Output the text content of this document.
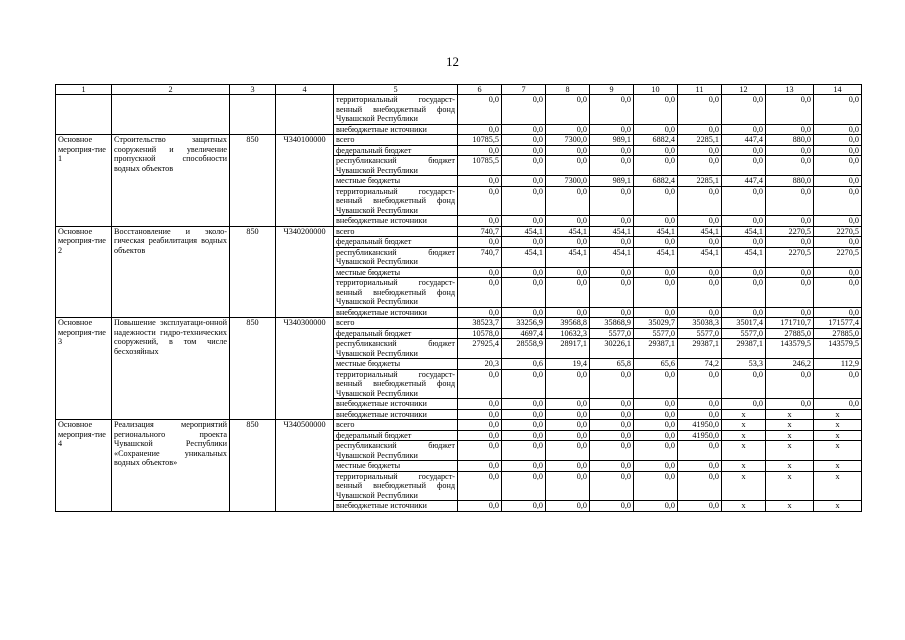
12
1	2	3	4	5	6	7	8	9	10	11	12	13	14
				территориальный государст-венный внебюджетный фонд Чувашской Республики	0,0	0,0	0,0	0,0	0,0	0,0	0,0	0,0	0,0
				внебюджетные источники	0,0	0,0	0,0	0,0	0,0	0,0	0,0	0,0	0,0
Основное мероприя-тие 1	Строительство защитных сооружений и увеличение пропускной способности водных объектов	850	Ч340100000	всего	10785,5	0,0	7300,0	989,1	6882,4	2285,1	447,4	880,0	0,0
				федеральный бюджет	0,0	0,0	0,0	0,0	0,0	0,0	0,0	0,0	0,0
				республиканский бюджет Чувашской Республики	10785,5	0,0	0,0	0,0	0,0	0,0	0,0	0,0	0,0
				местные бюджеты	0,0	0,0	7300,0	989,1	6882,4	2285,1	447,4	880,0	0,0
				территориальный государст-венный внебюджетный фонд Чувашской Республики	0,0	0,0	0,0	0,0	0,0	0,0	0,0	0,0	0,0
				внебюджетные источники	0,0	0,0	0,0	0,0	0,0	0,0	0,0	0,0	0,0
Основное мероприя-тие 2	Восстановление и эколо-гическая реабилитация водных объектов	850	Ч340200000	всего	740,7	454,1	454,1	454,1	454,1	454,1	454,1	2270,5	2270,5
				федеральный бюджет	0,0	0,0	0,0	0,0	0,0	0,0	0,0	0,0	0,0
				республиканский бюджет Чувашской Республики	740,7	454,1	454,1	454,1	454,1	454,1	454,1	2270,5	2270,5
				местные бюджеты	0,0	0,0	0,0	0,0	0,0	0,0	0,0	0,0	0,0
				территориальный государст-венный внебюджетный фонд Чувашской Республики	0,0	0,0	0,0	0,0	0,0	0,0	0,0	0,0	0,0
				внебюджетные источники	0,0	0,0	0,0	0,0	0,0	0,0	0,0	0,0	0,0
Основное мероприя-тие 3	Повышение эксплуатаци-онной надежности гидро-технических сооружений, в том числе бесхозяйных	850	Ч340300000	всего	38523,7	33256,9	39568,8	35868,9	35029,7	35038,3	35017,4	171710,7	171577,4
				федеральный бюджет	10578,0	4697,4	10632,3	5577,0	5577,0	5577,0	5577,0	27885,0	27885,0
				республиканский бюджет Чувашской Республики	27925,4	28558,9	28917,1	30226,1	29387,1	29387,1	29387,1	143579,5	143579,5
				местные бюджеты	20,3	0,6	19,4	65,8	65,6	74,2	53,3	246,2	112,9
				территориальный государст-венный внебюджетный фонд Чувашской Республики	0,0	0,0	0,0	0,0	0,0	0,0	0,0	0,0	0,0
				внебюджетные источники	0,0	0,0	0,0	0,0	0,0	0,0	0,0	0,0	0,0
				внебюджетные источники	0,0	0,0	0,0	0,0	0,0	0,0	x	x	x
Основное мероприя-тие 4	Реализация мероприятий регионального проекта Чувашской Республики «Сохранение уникальных водных объектов»	850	Ч340500000	всего	0,0	0,0	0,0	0,0	0,0	41950,0	x	x	x
				федеральный бюджет	0,0	0,0	0,0	0,0	0,0	41950,0	x	x	x
				республиканский бюджет Чувашской Республики	0,0	0,0	0,0	0,0	0,0	0,0	x	x	x
				местные бюджеты	0,0	0,0	0,0	0,0	0,0	0,0	x	x	x
				территориальный государст-венный внебюджетный фонд Чувашской Республики	0,0	0,0	0,0	0,0	0,0	0,0	x	x	x
				внебюджетные источники	0,0	0,0	0,0	0,0	0,0	0,0	x	x	x
